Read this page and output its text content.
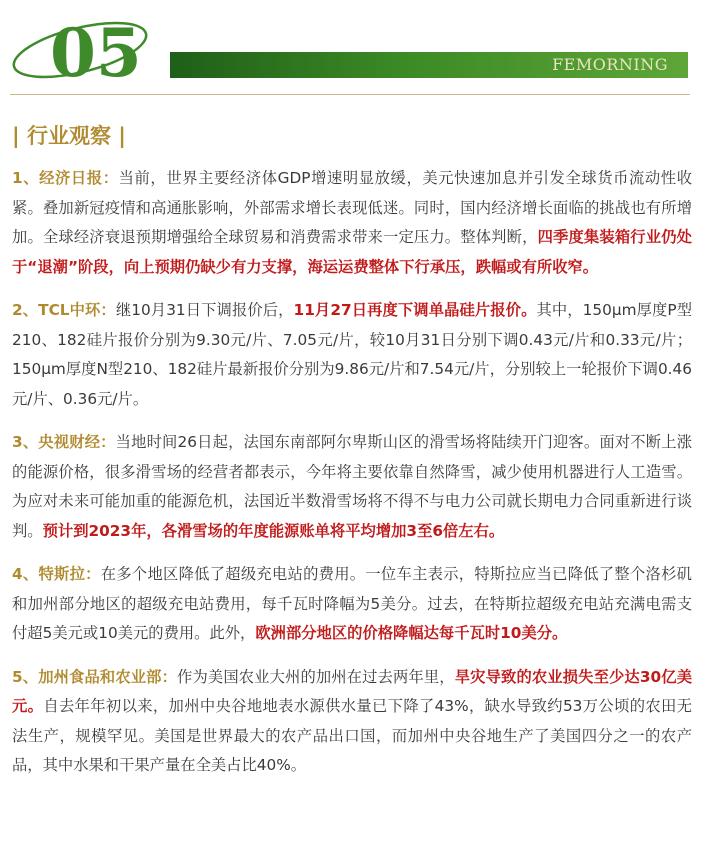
05	FEMORNING
| 行业观察 |

1、经济日报：当前，世界主要经济体GDP增速明显放缓，美元快速加息并引发全球货币流动性收紧。叠加新冠疫情和高通胀影响，外部需求增长表现低迷。同时，国内经济增长面临的挑战也有所增加。全球经济衰退预期增强给全球贸易和消费需求带来一定压力。整体判断，四季度集装箱行业仍处于“退潮”阶段，向上预期仍缺少有力支撑，海运运费整体下行承压，跌幅或有所收窄。

2、TCL中环：继10月31日下调报价后，11月27日再度下调单晶硅片报价。其中，150μm厚度P型210、182硅片报价分别为9.30元/片、7.05元/片，较10月31日分别下调0.43元/片和0.33元/片；150μm厚度N型210、182硅片最新报价分别为9.86元/片和7.54元/片，分别较上一轮报价下调0.46元/片、0.36元/片。

3、央视财经：当地时间26日起，法国东南部阿尔卑斯山区的滑雪场将陆续开门迎客。面对不断上涨的能源价格，很多滑雪场的经营者都表示，今年将主要依靠自然降雪，减少使用机器进行人工造雪。为应对未来可能加重的能源危机，法国近半数滑雪场将不得不与电力公司就长期电力合同重新进行谈判。预计到2023年，各滑雪场的年度能源账单将平均增加3至6倍左右。

4、特斯拉：在多个地区降低了超级充电站的费用。一位车主表示，特斯拉应当已降低了整个洛杉矶和加州部分地区的超级充电站费用，每千瓦时降幅为5美分。过去，在特斯拉超级充电站充满电需支付超5美元或10美元的费用。此外，欧洲部分地区的价格降幅达每千瓦时10美分。

5、加州食品和农业部：作为美国农业大州的加州在过去两年里，旱灾导致的农业损失至少达30亿美元。自去年年初以来，加州中央谷地地表水源供水量已下降了43%，缺水导致约53万公顷的农田无法生产，规模罕见。美国是世界最大的农产品出口国，而加州中央谷地生产了美国四分之一的农产品，其中水果和干果产量在全美占比40%。
